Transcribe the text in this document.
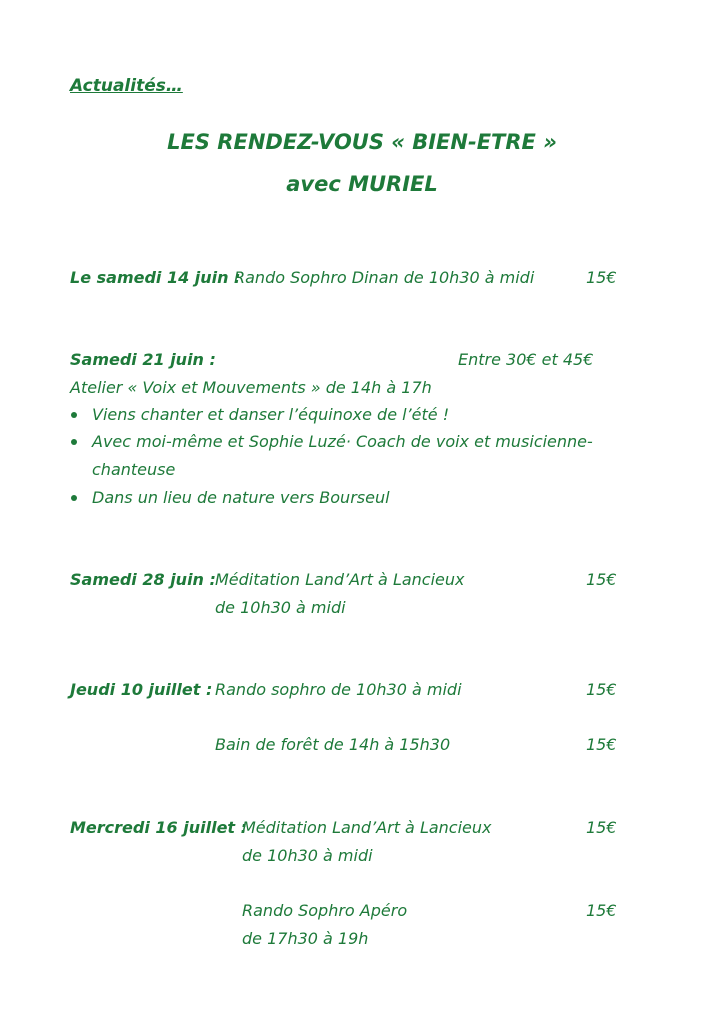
Actualités…
LES RENDEZ-VOUS « BIEN-ETRE »
avec MURIEL
Le samedi 14 juin :
Rando Sophro Dinan de 10h30 à midi	15€
Samedi 21 juin :	Entre 30€ et 45€
Atelier « Voix et Mouvements » de 14h à 17h
Viens chanter et danser l’équinoxe de l’été !
Avec moi-même et Sophie Luzé· Coach de voix et musicienne-
chanteuse
Dans un lieu de nature vers Bourseul
Samedi 28 juin : Méditation Land’Art à Lancieux	15€
de 10h30 à midi
Jeudi 10 juillet : Rando sophro de 10h30 à midi	15€
Bain de forêt de 14h à 15h30	15€
Mercredi 16 juillet :
Méditation Land’Art à Lancieux	15€
de 10h30 à midi
Rando Sophro Apéro	15€
de 17h30 à 19h
